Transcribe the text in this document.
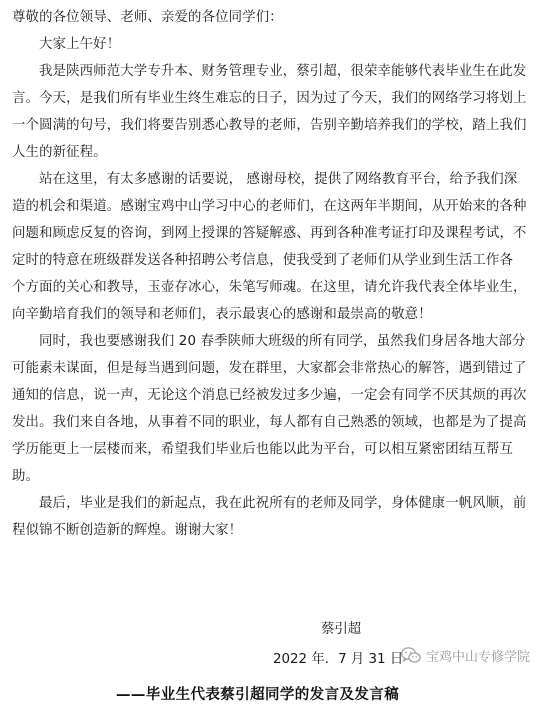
尊敬的各位领导、老师、亲爱的各位同学们：
大家上午好！
我是陕西师范大学专升本、财务管理专业，蔡引超，很荣幸能够代表毕业生在此发
言。今天，是我们所有毕业生终生难忘的日子，因为过了今天，我们的网络学习将划上
一个圆满的句号，我们将要告别悉心教导的老师，告别辛勤培养我们的学校，踏上我们
人生的新征程。
站在这里，有太多感谢的话要说， 感谢母校，提供了网络教育平台，给予我们深
造的机会和渠道。感谢宝鸡中山学习中心的老师们，在这两年半期间，从开始来的各种
问题和顾虑反复的咨询，到网上授课的答疑解惑、再到各种准考证打印及课程考试，不
定时的特意在班级群发送各种招聘公考信息，使我受到了老师们从学业到生活工作各
个方面的关心和教导，玉壶存冰心，朱笔写师魂。在这里，请允许我代表全体毕业生，
向辛勤培育我们的领导和老师们，表示最衷心的感谢和最崇高的敬意！
同时，我也要感谢我们 20 春季陕师大班级的所有同学，虽然我们身居各地大部分
可能素未谋面，但是每当遇到问题，发在群里，大家都会非常热心的解答，遇到错过了
通知的信息，说一声，无论这个消息已经被发过多少遍，一定会有同学不厌其烦的再次
发出。我们来自各地，从事着不同的职业，每人都有自己熟悉的领域，也都是为了提高
学历能更上一层楼而来，希望我们毕业后也能以此为平台，可以相互紧密团结互帮互
助。
最后，毕业是我们的新起点，我在此祝所有的老师及同学，身体健康一帆风顺，前
程似锦不断创造新的辉煌。谢谢大家！
蔡引超
2022 年．7 月 31 日 宝鸡中山专修学院
——毕业生代表蔡引超同学的发言及发言稿
